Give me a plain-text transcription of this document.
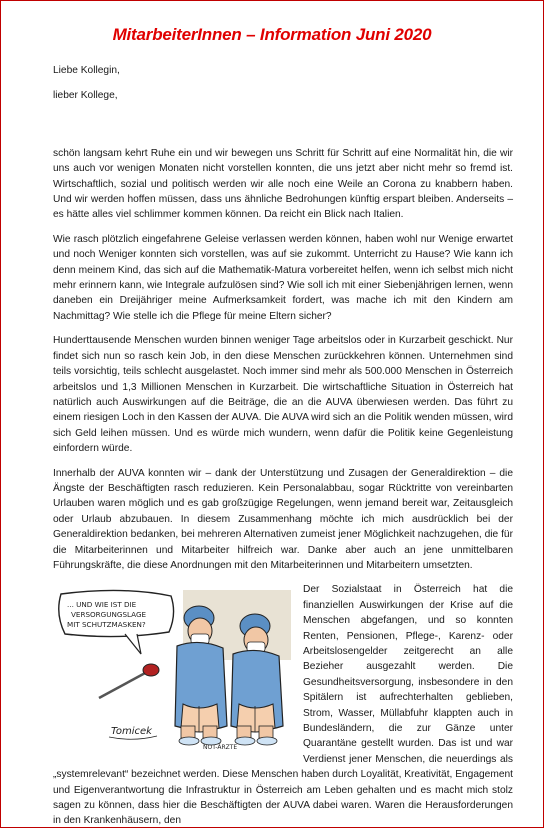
MitarbeiterInnen – Information Juni 2020

Liebe Kollegin,

lieber Kollege,

schön langsam kehrt Ruhe ein und wir bewegen uns Schritt für Schritt auf eine Normalität hin, die wir uns auch vor wenigen Monaten nicht vorstellen konnten, die uns jetzt aber nicht mehr so fremd ist. Wirtschaftlich, sozial und politisch werden wir alle noch eine Weile an Corona zu knabbern haben. Und wir werden hoffen müssen, dass uns ähnliche Bedrohungen künftig erspart bleiben. Anderseits – es hätte alles viel schlimmer kommen können. Da reicht ein Blick nach Italien.

Wie rasch plötzlich eingefahrene Geleise verlassen werden können, haben wohl nur Wenige erwartet und noch Weniger konnten sich vorstellen, was auf sie zukommt. Unterricht zu Hause? Wie kann ich denn meinem Kind, das sich auf die Mathematik-Matura vorbereitet helfen, wenn ich selbst mich nicht mehr erinnern kann, wie Integrale aufzulösen sind? Wie soll ich mit einer Siebenjährigen lernen, wenn daneben ein Dreijähriger meine Aufmerksamkeit fordert, was mache ich mit den Kindern am Nachmittag? Wie stelle ich die Pflege für meine Eltern sicher?

Hunderttausende Menschen wurden binnen weniger Tage arbeitslos oder in Kurzarbeit geschickt. Nur findet sich nun so rasch kein Job, in den diese Menschen zurückkehren können. Unternehmen sind teils vorsichtig, teils schlecht ausgelastet. Noch immer sind mehr als 500.000 Menschen in Österreich arbeitslos und 1,3 Millionen Menschen in Kurzarbeit. Die wirtschaftliche Situation in Österreich hat natürlich auch Auswirkungen auf die Beiträge, die an die AUVA überwiesen werden. Das führt zu einem riesigen Loch in den Kassen der AUVA. Die AUVA wird sich an die Politik wenden müssen, wird sich Geld leihen müssen. Und es würde mich wundern, wenn dafür die Politik keine Gegenleistung einfordern würde.

Innerhalb der AUVA konnten wir – dank der Unterstützung und Zusagen der Generaldirektion – die Ängste der Beschäftigten rasch reduzieren. Kein Personalabbau, sogar Rücktritte von vereinbarten Urlauben waren möglich und es gab großzügige Regelungen, wenn jemand bereit war, Zeitausgleich oder Urlaub abzubauen. In diesem Zusammenhang möchte ich mich ausdrücklich bei der Generaldirektion bedanken, bei mehreren Alternativen zumeist jener Möglichkeit nachzugehen, die für die Mitarbeiterinnen und Mitarbeiter hilfreich war. Danke aber auch an jene unmittelbaren Führungskräfte, die diese Anordnungen mit den Mitarbeiterinnen und Mitarbeitern umsetzten.

... UND WIE IST DIE
VERSORGUNGSLAGE
MIT SCHUTZMASKEN?
Tomicek
NOT-ÄRZTE

Der Sozialstaat in Österreich hat die finanziellen Auswirkungen der Krise auf die Menschen abgefangen, und so konnten Renten, Pensionen, Pflege-, Karenz- oder Arbeitslosengelder zeitgerecht an alle Bezieher ausgezahlt werden. Die Gesundheitsversorgung, insbesondere in den Spitälern ist aufrechterhalten geblieben, Strom, Wasser, Müllabfuhr klappten auch in Bundesländern, die zur Gänze unter Quarantäne gestellt wurden. Das ist und war Verdienst jener Menschen, die neuerdings als „systemrelevant“ bezeichnet werden. Diese Menschen haben durch Loyalität, Kreativität, Engagement und Eigenverantwortung die Infrastruktur in Österreich am Leben gehalten und es macht mich stolz sagen zu können, dass hier die Beschäftigten der AUVA dabei waren. Waren die Herausforderungen in den Krankenhäusern, den
